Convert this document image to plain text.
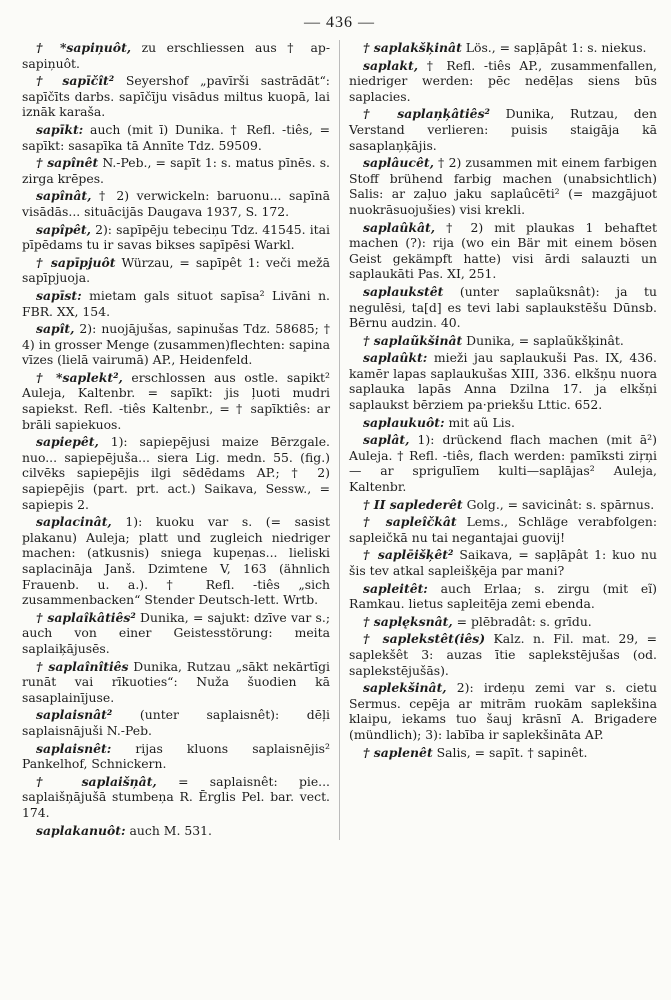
— 436 —

† *sapiņuôt, zu erschliessen aus † ap-sapiņuôt.

† sapīčît² Seyershof „pavīrši sastrādāt“: sapīčīts darbs. sapīčīju visādus miltus kuopā, lai iznāk karaša.

sapīkt: auch (mit ī) Dunika. † Refl. -tiês, = sapīkt: sasapīka tā Annīte Tdz. 59509.

† sapînêt N.-Peb., = sapīt 1: s. matus pīnēs. s. zirga krēpes.

sapînât, † 2) verwickeln: baruonu... sapīnā visādās... situācijās Daugava 1937, S. 172.

sapîpêt, 2): sapīpēju tebeciņu Tdz. 41545. itai pīpēdams tu ir savas bikses sapīpēsi Warkl.

† sapīpjuôt Würzau, = sapīpêt 1: veči mežā sapīpjuoja.

sapīst: mietam gals situot sapīsa² Livāni n. FBR. XX, 154.

sapît, 2): nuojājušas, sapinušas Tdz. 58685; † 4) in grosser Menge (zusammen)flechten: sapina vīzes (lielā vairumā) AP., Heidenfeld.

† *saplekt², erschlossen aus ostle. sapikt² Auleja, Kaltenbr. = sapīkt: jis ļuoti mudri sapiekst. Refl. -tiês Kaltenbr., = † sapīktiês: ar brāli sapiekuos.

sapiepêt, 1): sapiepējusi maize Bērzgale. nuo... sapiepējuša... siera Lig. medn. 55. (fig.) cilvēks sapiepējis ilgi sēdēdams AP.; † 2) sapiepējis (part. prt. act.) Saikava, Sessw., = sapiepis 2.

saplacinât, 1): kuoku var s. (= sasist plakanu) Auleja; platt und zugleich niedriger machen: (atkusnis) sniega kupeņas... lieliski saplacināja Janš. Dzimtene V, 163 (ähnlich Frauenb. u. a.). † Refl. -tiês „sich zusammenbacken“ Stender Deutsch-lett. Wrtb.

† saplaîkâtiês² Dunika, = sajukt: dzīve var s.; auch von einer Geistesstörung: meita saplaiķājusēs.

† saplaînîtiês Dunika, Rutzau „sākt nekārtīgi runāt vai rīkuoties“: Nuža šuodien kā sasaplainījuse.

saplaisnât² (unter saplaisnêt): dēļi saplaisnājuši N.-Peb.

saplaisnêt: rijas kluons saplaisnējis² Pankelhof, Schnickern.

† saplaišņât, = saplaisnêt: pie... saplaišņājušā stumbeņa R. Ērglis Pel. bar. vect. 174.

saplakanuôt: auch M. 531.

† saplakšķinât Lös., = sapļāpât 1: s. niekus.

saplakt, † Refl. -tiês AP., zusammenfallen, niedriger werden: pēc nedēļas siens būs saplacies.

† saplaņķâtiês² Dunika, Rutzau, den Verstand verlieren: puisis staigāja kā sasaplaņķājis.

saplâucêt, † 2) zusammen mit einem farbigen Stoff brühend farbig machen (unabsichtlich) Salis: ar zaļuo jaku saplaûcēti² (= mazgājuot nuokrāsuojušies) visi krekli.

saplaûkât, † 2) mit plaukas 1 behaftet machen (?): rija (wo ein Bär mit einem bösen Geist gekämpft hatte) visi ārdi salauzti un saplaukāti Pas. XI, 251.

saplaukstêt (unter saplaũksnât): ja tu negulēsi, ta[d] es tevi labi saplaukstēšu Dūnsb. Bērnu audzin. 40.

† saplaũkšinât Dunika, = saplaũkšķinât.

saplaûkt: mieži jau saplaukuši Pas. IX, 436. kamēr lapas saplaukušas XIII, 336. elkšņu nuora saplauka lapās Anna Dzilna 17. ja elkšņi saplaukst bērziem pa·priekšu Lttic. 652.

saplaukuôt: mit aũ Lis.

saplât, 1): drückend flach machen (mit ā²) Auleja. † Refl. -tiês, flach werden: pamīksti ziŗņi — ar sprigulīem kulti—saplājas² Auleja, Kaltenbr.

† II saplederêt Golg., = savicinât: s. spārnus.

† sapleîčkât Lems., Schläge verabfolgen: sapleičkā nu tai negantajai guovij!

† saplēišķêt² Saikava, = sapļāpât 1: kuo nu šis tev atkal sapleišķēja par mani?

sapleitêt: auch Erlaa; s. zirgu (mit eĩ) Ramkau. lietus sapleitēja zemi ebenda.

† saplęksnât, = plēbradât: s. grīdu.

† saplekstêt(iês) Kalz. n. Fil. mat. 29, = saplekšêt 3: auzas ītie saplekstējušas (od. saplekstējušās).

saplekšinât, 2): irdeņu zemi var s. cietu Sermus. cepēja ar mitrām ruokām saplekšina klaipu, iekams tuo šauj krāsnī A. Brigadere (mündlich); 3): labība ir saplekšināta AP.

† saplenêt Salis, = sapīt. † sapinêt.
